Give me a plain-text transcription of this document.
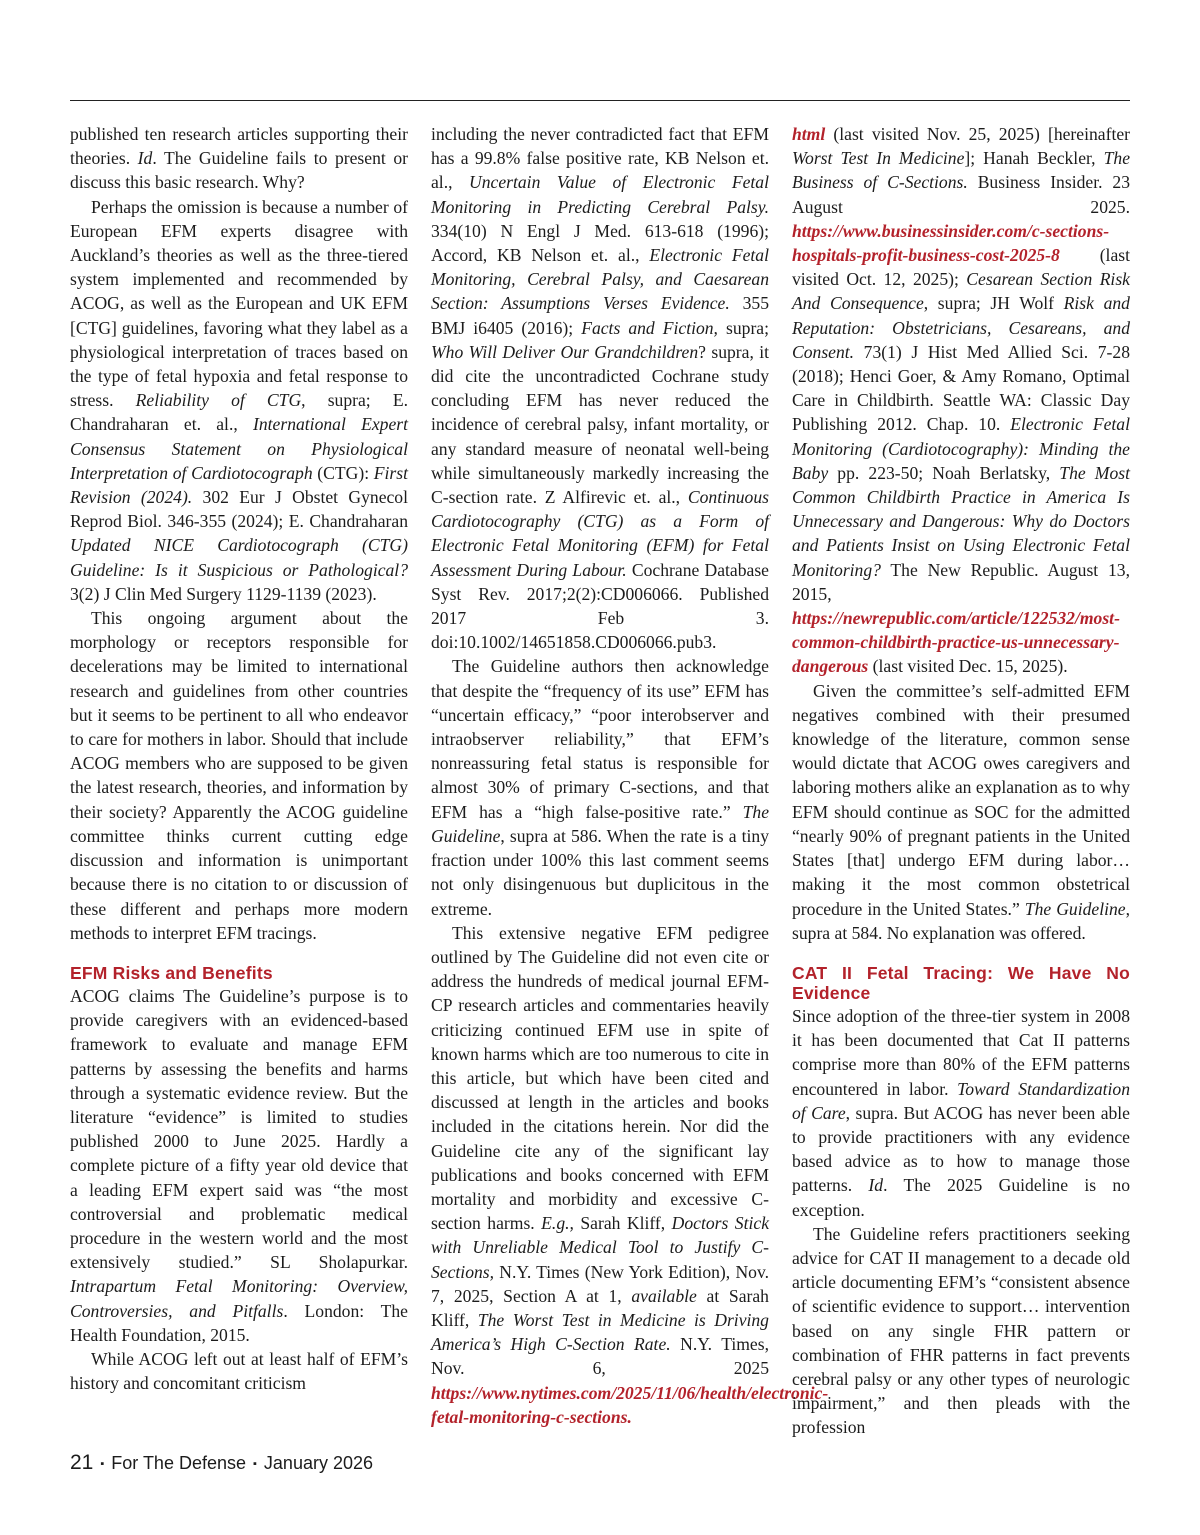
published ten research articles supporting their theories. Id. The Guideline fails to present or discuss this basic research. Why?

Perhaps the omission is because a number of European EFM experts disagree with Auckland’s theories as well as the three-tiered system implemented and recommended by ACOG, as well as the European and UK EFM [CTG] guidelines, favoring what they label as a physiological interpretation of traces based on the type of fetal hypoxia and fetal response to stress. Reliability of CTG, supra; E. Chandraharan et. al., International Expert Consensus Statement on Physiological Interpretation of Cardiotocograph (CTG): First Revision (2024). 302 Eur J Obstet Gynecol Reprod Biol. 346-355 (2024); E. Chandraharan Updated NICE Cardiotocograph (CTG) Guideline: Is it Suspicious or Pathological? 3(2) J Clin Med Surgery 1129-1139 (2023).

This ongoing argument about the morphology or receptors responsible for decelerations may be limited to international research and guidelines from other countries but it seems to be pertinent to all who endeavor to care for mothers in labor. Should that include ACOG members who are supposed to be given the latest research, theories, and information by their society? Apparently the ACOG guideline committee thinks current cutting edge discussion and information is unimportant because there is no citation to or discussion of these different and perhaps more modern methods to interpret EFM tracings.

EFM Risks and Benefits

ACOG claims The Guideline’s purpose is to provide caregivers with an evidenced-based framework to evaluate and manage EFM patterns by assessing the benefits and harms through a systematic evidence review. But the literature “evidence” is limited to studies published 2000 to June 2025. Hardly a complete picture of a fifty year old device that a leading EFM expert said was “the most controversial and problematic medical procedure in the western world and the most extensively studied.” SL Sholapurkar. Intrapartum Fetal Monitoring: Overview, Controversies, and Pitfalls. London: The Health Foundation, 2015.

While ACOG left out at least half of EFM’s history and concomitant criticism

including the never contradicted fact that EFM has a 99.8% false positive rate, KB Nelson et. al., Uncertain Value of Electronic Fetal Monitoring in Predicting Cerebral Palsy. 334(10) N Engl J Med. 613-618 (1996); Accord, KB Nelson et. al., Electronic Fetal Monitoring, Cerebral Palsy, and Caesarean Section: Assumptions Verses Evidence. 355 BMJ i6405 (2016); Facts and Fiction, supra; Who Will Deliver Our Grandchildren? supra, it did cite the uncontradicted Cochrane study concluding EFM has never reduced the incidence of cerebral palsy, infant mortality, or any standard measure of neonatal well-being while simultaneously markedly increasing the C-section rate. Z Alfirevic et. al., Continuous Cardiotocography (CTG) as a Form of Electronic Fetal Monitoring (EFM) for Fetal Assessment During Labour. Cochrane Database Syst Rev. 2017;2(2):CD006066. Published 2017 Feb 3. doi:10.1002/14651858.CD006066.pub3.

The Guideline authors then acknowledge that despite the “frequency of its use” EFM has “uncertain efficacy,” “poor interobserver and intraobserver reliability,” that EFM’s nonreassuring fetal status is responsible for almost 30% of primary C-sections, and that EFM has a “high false-positive rate.” The Guideline, supra at 586. When the rate is a tiny fraction under 100% this last comment seems not only disingenuous but duplicitous in the extreme.

This extensive negative EFM pedigree outlined by The Guideline did not even cite or address the hundreds of medical journal EFM-CP research articles and commentaries heavily criticizing continued EFM use in spite of known harms which are too numerous to cite in this article, but which have been cited and discussed at length in the articles and books included in the citations herein. Nor did the Guideline cite any of the significant lay publications and books concerned with EFM mortality and morbidity and excessive C-section harms. E.g., Sarah Kliff, Doctors Stick with Unreliable Medical Tool to Justify C-Sections, N.Y. Times (New York Edition), Nov. 7, 2025, Section A at 1, available at Sarah Kliff, The Worst Test in Medicine is Driving America’s High C-Section Rate. N.Y. Times, Nov. 6, 2025 https://www.nytimes.com/2025/11/06/health/electronic-fetal-monitoring-c-sections.

html (last visited Nov. 25, 2025) [hereinafter Worst Test In Medicine]; Hanah Beckler, The Business of C-Sections. Business Insider. 23 August 2025. https://www.businessinsider.com/c-sections-hospitals-profit-business-cost-2025-8 (last visited Oct. 12, 2025); Cesarean Section Risk And Consequence, supra; JH Wolf Risk and Reputation: Obstetricians, Cesareans, and Consent. 73(1) J Hist Med Allied Sci. 7-28 (2018); Henci Goer, & Amy Romano, Optimal Care in Childbirth. Seattle WA: Classic Day Publishing 2012. Chap. 10. Electronic Fetal Monitoring (Cardiotocography): Minding the Baby pp. 223-50; Noah Berlatsky, The Most Common Childbirth Practice in America Is Unnecessary and Dangerous: Why do Doctors and Patients Insist on Using Electronic Fetal Monitoring? The New Republic. August 13, 2015, https://newrepublic.com/article/122532/most-common-childbirth-practice-us-unnecessary-dangerous (last visited Dec. 15, 2025).

Given the committee’s self-admitted EFM negatives combined with their presumed knowledge of the literature, common sense would dictate that ACOG owes caregivers and laboring mothers alike an explanation as to why EFM should continue as SOC for the admitted “nearly 90% of pregnant patients in the United States [that] undergo EFM during labor… making it the most common obstetrical procedure in the United States.” The Guideline, supra at 584. No explanation was offered.

CAT II Fetal Tracing: We Have No Evidence

Since adoption of the three-tier system in 2008 it has been documented that Cat II patterns comprise more than 80% of the EFM patterns encountered in labor. Toward Standardization of Care, supra. But ACOG has never been able to provide practitioners with any evidence based advice as to how to manage those patterns. Id. The 2025 Guideline is no exception.

The Guideline refers practitioners seeking advice for CAT II management to a decade old article documenting EFM’s “consistent absence of scientific evidence to support… intervention based on any single FHR pattern or combination of FHR patterns in fact prevents cerebral palsy or any other types of neurologic impairment,” and then pleads with the profession

21 ▪ For The Defense ▪ January 2026
